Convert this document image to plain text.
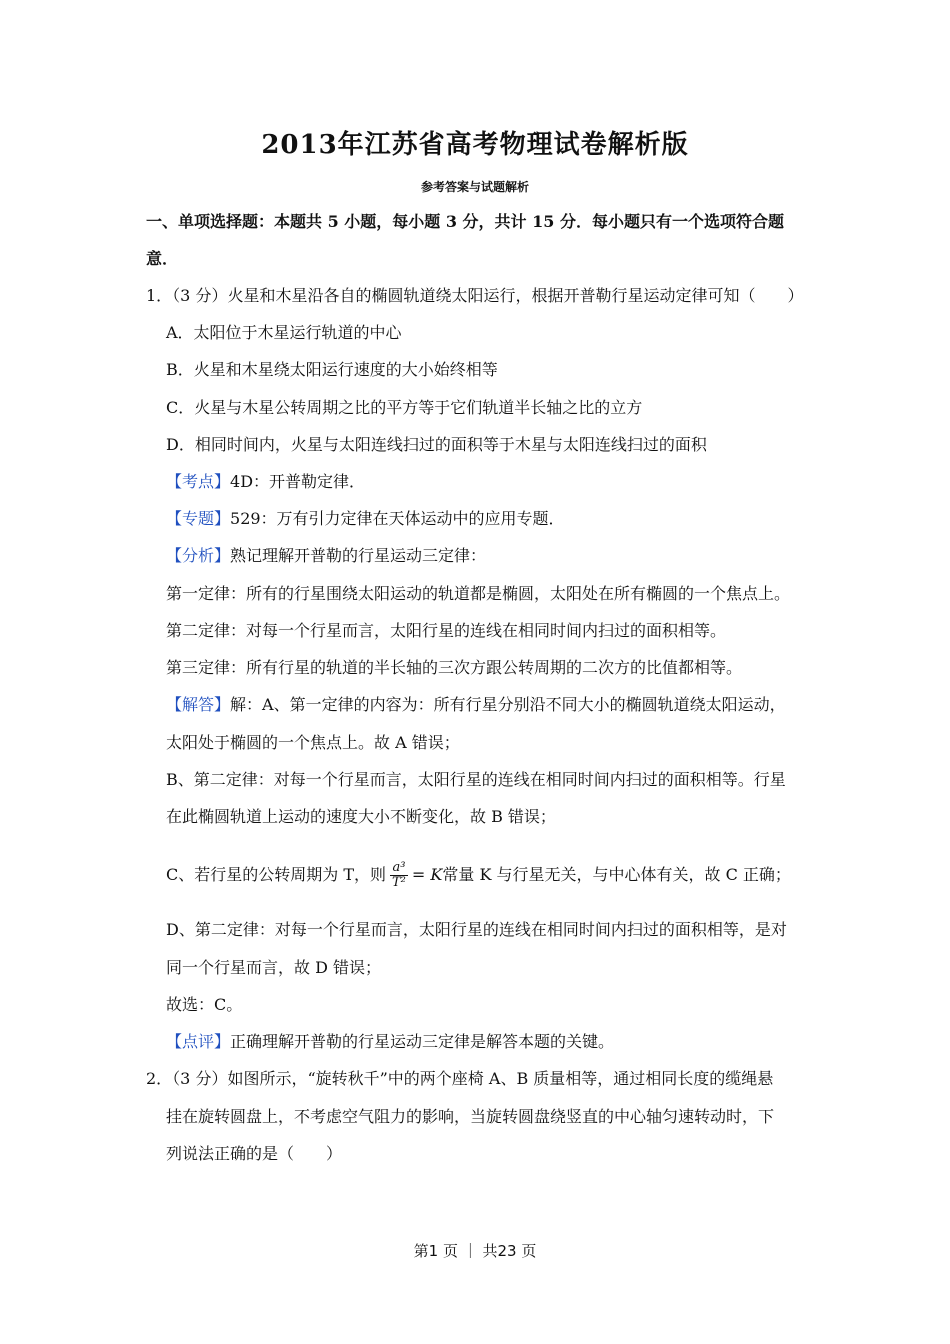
2013年江苏省高考物理试卷解析版
参考答案与试题解析
一、单项选择题：本题共 5 小题，每小题 3 分，共计 15 分．每小题只有一个选项符合题
意．
1．（3 分）火星和木星沿各自的椭圆轨道绕太阳运行，根据开普勒行星运动定律可知（　　）
A．太阳位于木星运行轨道的中心
B．火星和木星绕太阳运行速度的大小始终相等
C．火星与木星公转周期之比的平方等于它们轨道半长轴之比的立方
D．相同时间内，火星与太阳连线扫过的面积等于木星与太阳连线扫过的面积
【考点】4D：开普勒定律．
【专题】529：万有引力定律在天体运动中的应用专题．
【分析】熟记理解开普勒的行星运动三定律：
第一定律：所有的行星围绕太阳运动的轨道都是椭圆，太阳处在所有椭圆的一个焦点上。
第二定律：对每一个行星而言，太阳行星的连线在相同时间内扫过的面积相等。
第三定律：所有行星的轨道的半长轴的三次方跟公转周期的二次方的比值都相等。
【解答】解：A、第一定律的内容为：所有行星分别沿不同大小的椭圆轨道绕太阳运动，
太阳处于椭圆的一个焦点上。故 A 错误；
B、第二定律：对每一个行星而言，太阳行星的连线在相同时间内扫过的面积相等。行星
在此椭圆轨道上运动的速度大小不断变化，故 B 错误；
C、若行星的公转周期为 T，则 $\frac{\text{a³}}{\text{T²}} = K$常量 K 与行星无关，与中心体有关，故 C 正确；
D、第二定律：对每一个行星而言，太阳行星的连线在相同时间内扫过的面积相等，是对
同一个行星而言，故 D 错误；
故选：C。
【点评】正确理解开普勒的行星运动三定律是解答本题的关键。
2．（3 分）如图所示，“旋转秋千”中的两个座椅 A、B 质量相等，通过相同长度的缆绳悬
挂在旋转圆盘上，不考虑空气阻力的影响，当旋转圆盘绕竖直的中心轴匀速转动时，下
列说法正确的是（　　）
第1 页 ｜ 共23 页
